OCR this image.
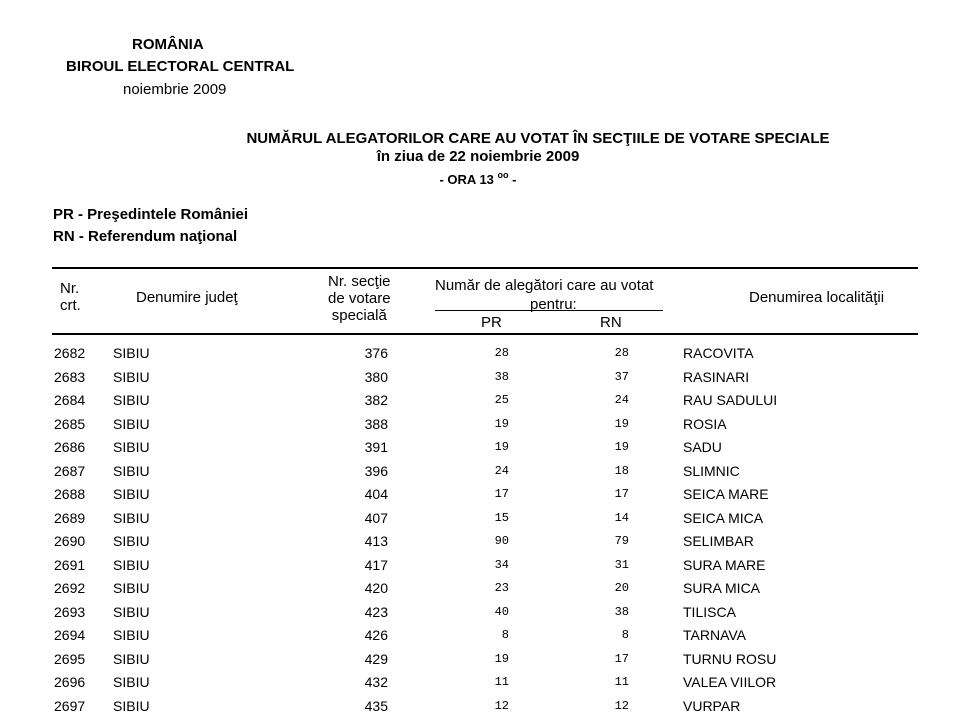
ROMÂNIA
BIROUL ELECTORAL CENTRAL
noiembrie 2009
NUMĂRUL ALEGATORILOR CARE AU VOTAT ÎN SECŢIILE DE VOTARE SPECIALE
în ziua de 22 noiembrie 2009
- ORA 13 $^{oo}$ -
PR - Preşedintele României
RN - Referendum naţional
Nr.
crt.	Denumire judeţ
Nr. secţie
de votare
specială
Număr de alegători care au votat
pentru:
PR	RN
Denumirea localităţii
2682 SIBIU	376	28	28	RACOVITA
2683 SIBIU	380	38	37	RASINARI
2684 SIBIU	382	25	24	RAU SADULUI
2685 SIBIU	388	19	19	ROSIA
2686 SIBIU	391	19	19	SADU
2687 SIBIU	396	24	18	SLIMNIC
2688 SIBIU	404	17	17	SEICA MARE
2689 SIBIU	407	15	14	SEICA MICA
2690 SIBIU	413	90	79	SELIMBAR
2691 SIBIU	417	34	31	SURA MARE
2692 SIBIU	420	23	20	SURA MICA
2693 SIBIU	423	40	38	TILISCA
2694 SIBIU	426	8	8	TARNAVA
2695 SIBIU	429	19	17	TURNU ROSU
2696 SIBIU	432	11	11	VALEA VIILOR
2697 SIBIU	435	12	12	VURPAR
